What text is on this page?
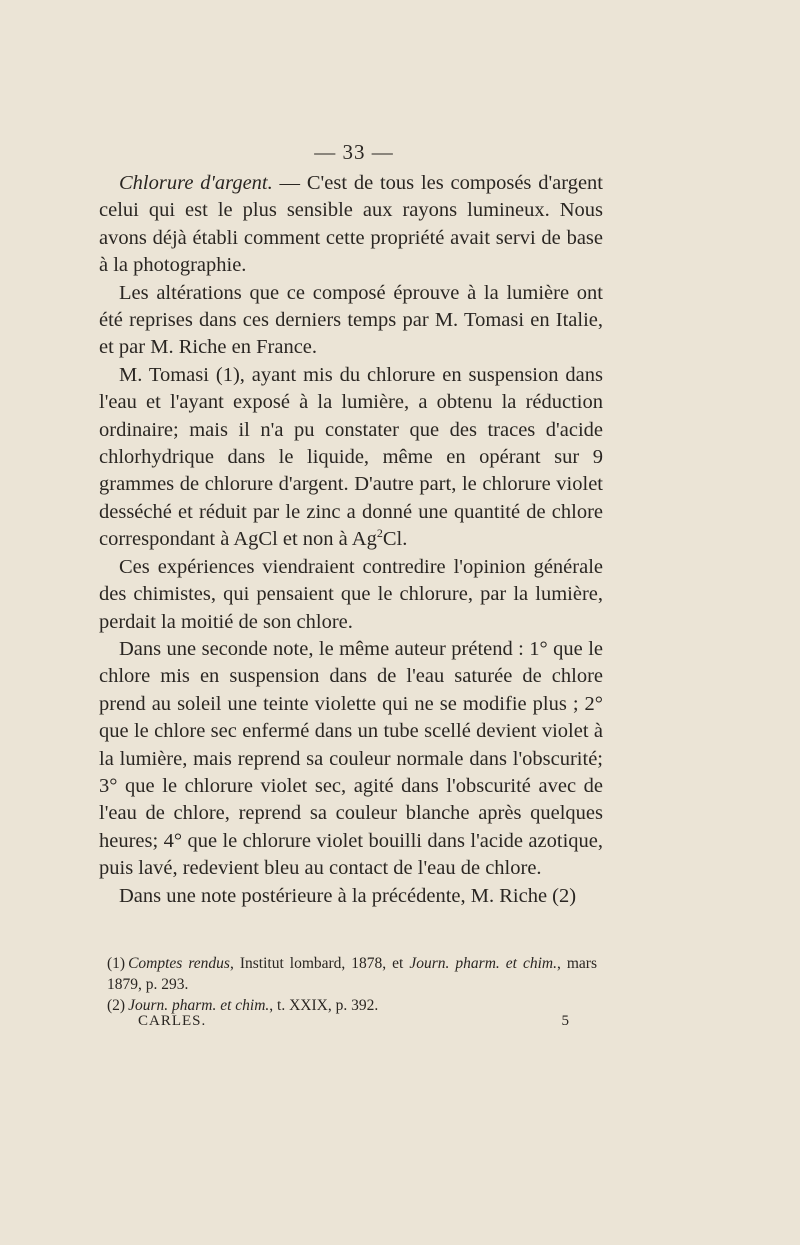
— 33 —

Chlorure d'argent. — C'est de tous les composés d'argent celui qui est le plus sensible aux rayons lumineux. Nous avons déjà établi comment cette propriété avait servi de base à la photographie.

Les altérations que ce composé éprouve à la lumière ont été reprises dans ces derniers temps par M. Tomasi en Italie, et par M. Riche en France.

M. Tomasi (1), ayant mis du chlorure en suspension dans l'eau et l'ayant exposé à la lumière, a obtenu la réduction ordinaire; mais il n'a pu constater que des traces d'acide chlorhydrique dans le liquide, même en opérant sur 9 grammes de chlorure d'argent. D'autre part, le chlorure violet desséché et réduit par le zinc a donné une quantité de chlore correspondant à AgCl et non à Ag$^2$Cl.

Ces expériences viendraient contredire l'opinion générale des chimistes, qui pensaient que le chlorure, par la lumière, perdait la moitié de son chlore.

Dans une seconde note, le même auteur prétend : 1° que le chlore mis en suspension dans de l'eau saturée de chlore prend au soleil une teinte violette qui ne se modifie plus ; 2° que le chlore sec enfermé dans un tube scellé devient violet à la lumière, mais reprend sa couleur normale dans l'obscurité; 3° que le chlorure violet sec, agité dans l'obscurité avec de l'eau de chlore, reprend sa couleur blanche après quelques heures; 4° que le chlorure violet bouilli dans l'acide azotique, puis lavé, redevient bleu au contact de l'eau de chlore.

Dans une note postérieure à la précédente, M. Riche (2)

(1) Comptes rendus, Institut lombard, 1878, et Journ. pharm. et chim., mars 1879, p. 293.

(2) Journ. pharm. et chim., t. XXIX, p. 392.

CARLES.	5
